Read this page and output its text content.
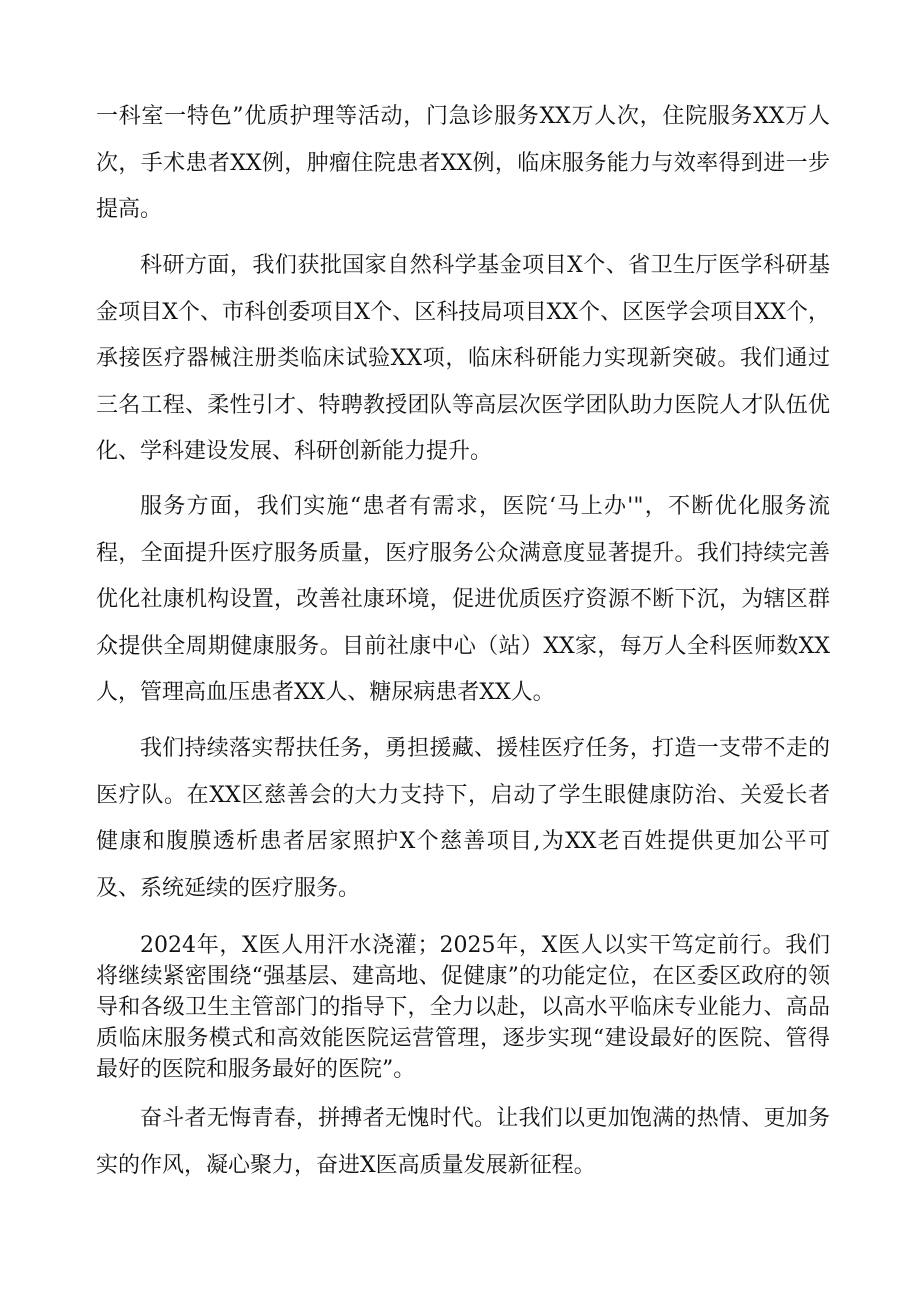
一科室一特色”优质护理等活动，门急诊服务XX万人次，住院服务XX万人次，手术患者XX例，肿瘤住院患者XX例，临床服务能力与效率得到进一步提高。

科研方面，我们获批国家自然科学基金项目X个、省卫生厅医学科研基金项目X个、市科创委项目X个、区科技局项目XX个、区医学会项目XX个，承接医疗器械注册类临床试验XX项，临床科研能力实现新突破。我们通过三名工程、柔性引才、特聘教授团队等高层次医学团队助力医院人才队伍优化、学科建设发展、科研创新能力提升。

服务方面，我们实施“患者有需求，医院‘马上办'"，不断优化服务流程，全面提升医疗服务质量，医疗服务公众满意度显著提升。我们持续完善优化社康机构设置，改善社康环境，促进优质医疗资源不断下沉，为辖区群众提供全周期健康服务。目前社康中心（站）XX家，每万人全科医师数XX人，管理高血压患者XX人、糖尿病患者XX人。

我们持续落实帮扶任务，勇担援藏、援桂医疗任务，打造一支带不走的医疗队。在XX区慈善会的大力支持下，启动了学生眼健康防治、关爱长者健康和腹膜透析患者居家照护X个慈善项目,为XX老百姓提供更加公平可及、系统延续的医疗服务。

2024年，X医人用汗水浇灌；2025年，X医人以实干笃定前行。我们将继续紧密围绕“强基层、建高地、促健康”的功能定位，在区委区政府的领导和各级卫生主管部门的指导下，全力以赴，以高水平临床专业能力、高品质临床服务模式和高效能医院运营管理，逐步实现“建设最好的医院、管得最好的医院和服务最好的医院”。

奋斗者无悔青春，拼搏者无愧时代。让我们以更加饱满的热情、更加务实的作风，凝心聚力，奋进X医高质量发展新征程。
